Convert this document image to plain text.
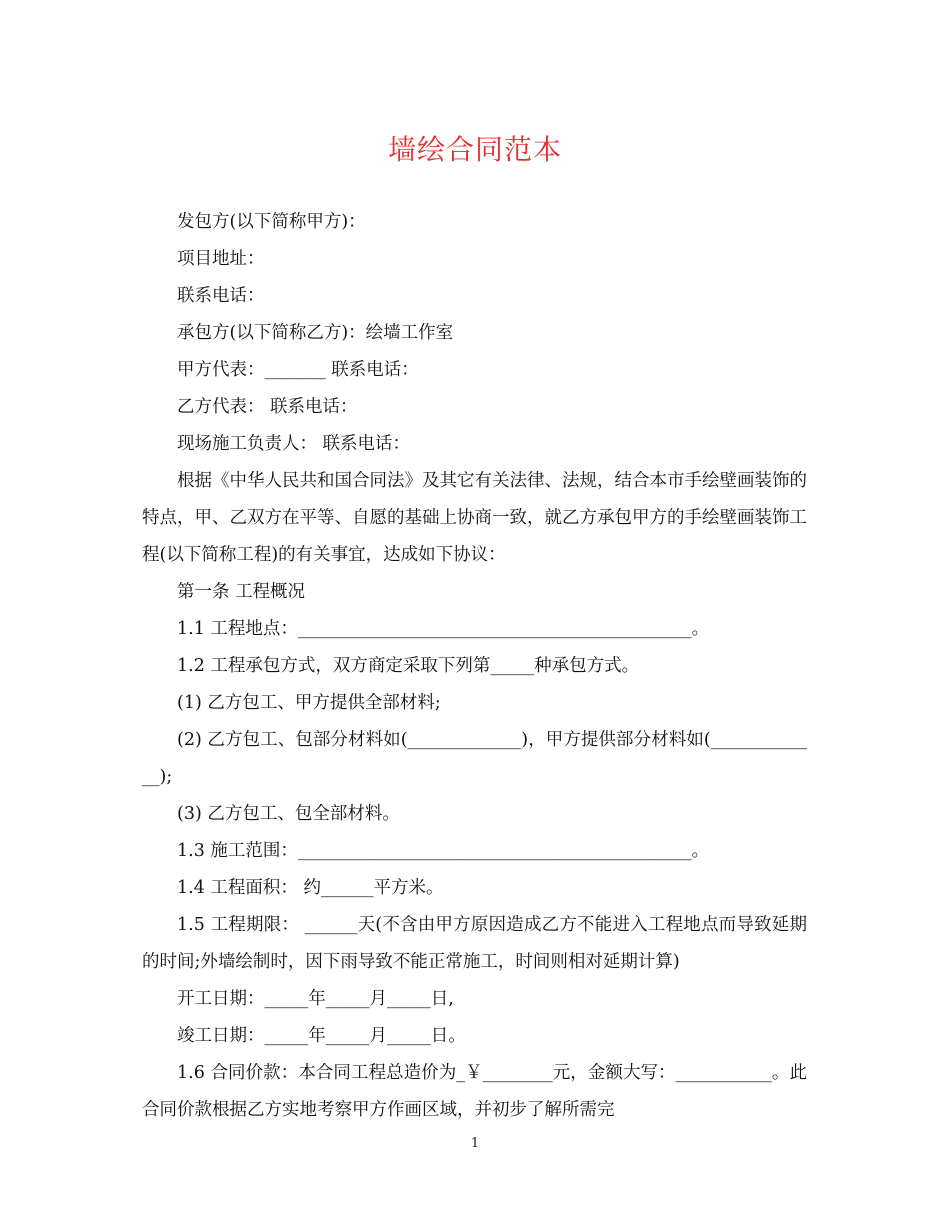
墙绘合同范本

发包方(以下简称甲方)：

项目地址：

联系电话：

承包方(以下简称乙方)：绘墙工作室

甲方代表：_______ 联系电话：

乙方代表： 联系电话：

现场施工负责人： 联系电话：

根据《中华人民共和国合同法》及其它有关法律、法规，结合本市手绘壁画装饰的特点，甲、乙双方在平等、自愿的基础上协商一致，就乙方承包甲方的手绘壁画装饰工程(以下简称工程)的有关事宜，达成如下协议：

第一条 工程概况

1.1 工程地点：_____________________________________________。

1.2 工程承包方式，双方商定采取下列第_____种承包方式。

(1) 乙方包工、甲方提供全部材料;

(2) 乙方包工、包部分材料如(_____________)，甲方提供部分材料如(_____________);

(3) 乙方包工、包全部材料。

1.3 施工范围：_____________________________________________。

1.4 工程面积： 约______平方米。

1.5 工程期限： ______天(不含由甲方原因造成乙方不能进入工程地点而导致延期的时间;外墙绘制时，因下雨导致不能正常施工，时间则相对延期计算)

开工日期：_____年_____月_____日,

竣工日期：_____年_____月_____日。

1.6 合同价款：本合同工程总造价为_￥________元，金额大写：___________。此合同价款根据乙方实地考察甲方作画区域，并初步了解所需完

1
